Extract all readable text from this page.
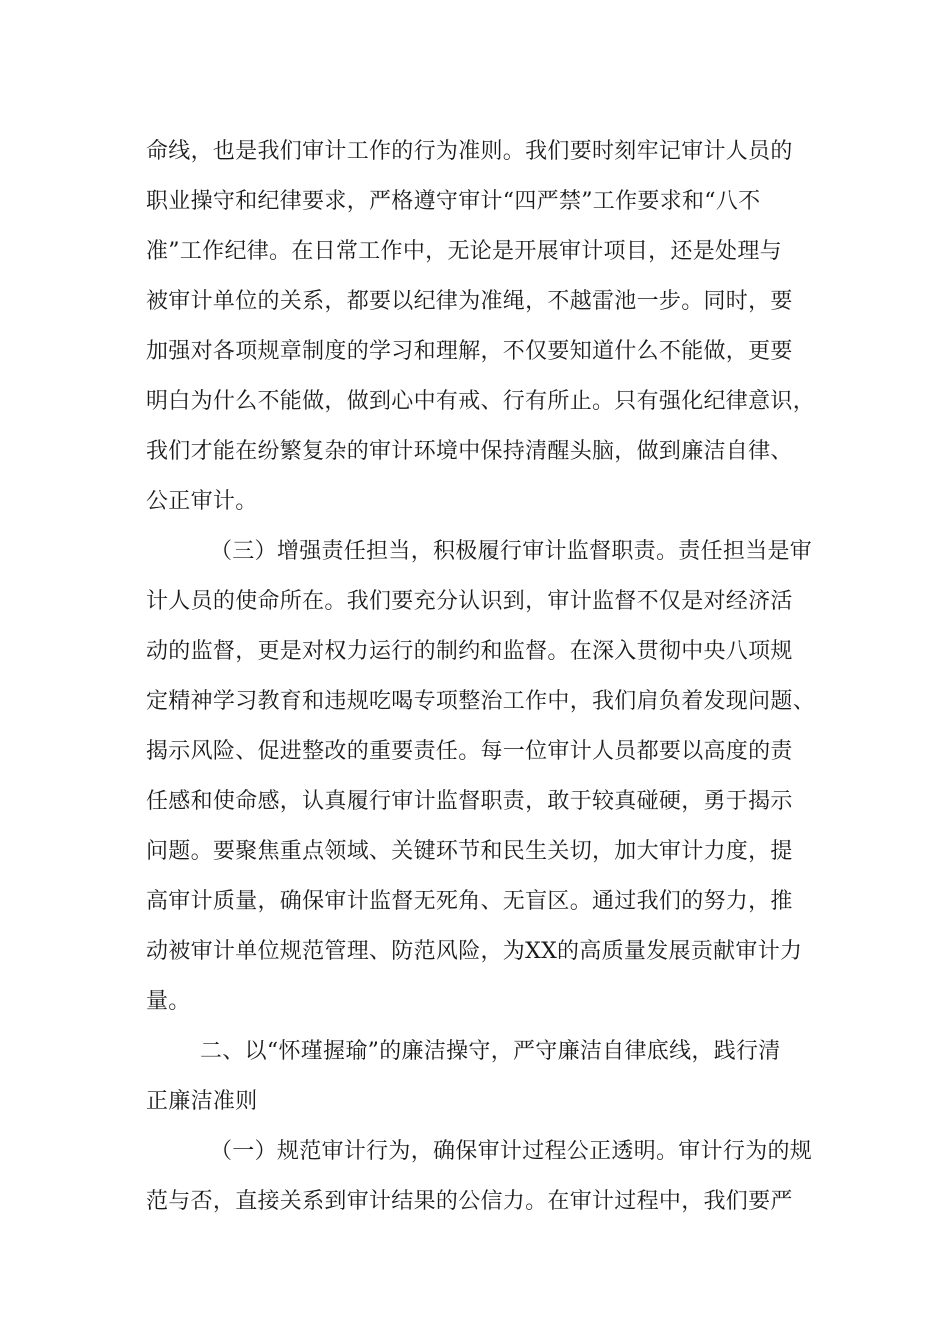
命线，也是我们审计工作的行为准则。我们要时刻牢记审计人员的

职业操守和纪律要求，严格遵守审计“四严禁”工作要求和“八不

准”工作纪律。在日常工作中，无论是开展审计项目，还是处理与

被审计单位的关系，都要以纪律为准绳，不越雷池一步。同时，要

加强对各项规章制度的学习和理解，不仅要知道什么不能做，更要

明白为什么不能做，做到心中有戒、行有所止。只有强化纪律意识，

我们才能在纷繁复杂的审计环境中保持清醒头脑，做到廉洁自律、

公正审计。

（三）增强责任担当，积极履行审计监督职责。责任担当是审

计人员的使命所在。我们要充分认识到，审计监督不仅是对经济活

动的监督，更是对权力运行的制约和监督。在深入贯彻中央八项规

定精神学习教育和违规吃喝专项整治工作中，我们肩负着发现问题、

揭示风险、促进整改的重要责任。每一位审计人员都要以高度的责

任感和使命感，认真履行审计监督职责，敢于较真碰硬，勇于揭示

问题。要聚焦重点领域、关键环节和民生关切，加大审计力度，提

高审计质量，确保审计监督无死角、无盲区。通过我们的努力，推

动被审计单位规范管理、防范风险，为XX的高质量发展贡献审计力

量。

二、以“怀瑾握瑜”的廉洁操守，严守廉洁自律底线，践行清

正廉洁准则

（一）规范审计行为，确保审计过程公正透明。审计行为的规

范与否，直接关系到审计结果的公信力。在审计过程中，我们要严
